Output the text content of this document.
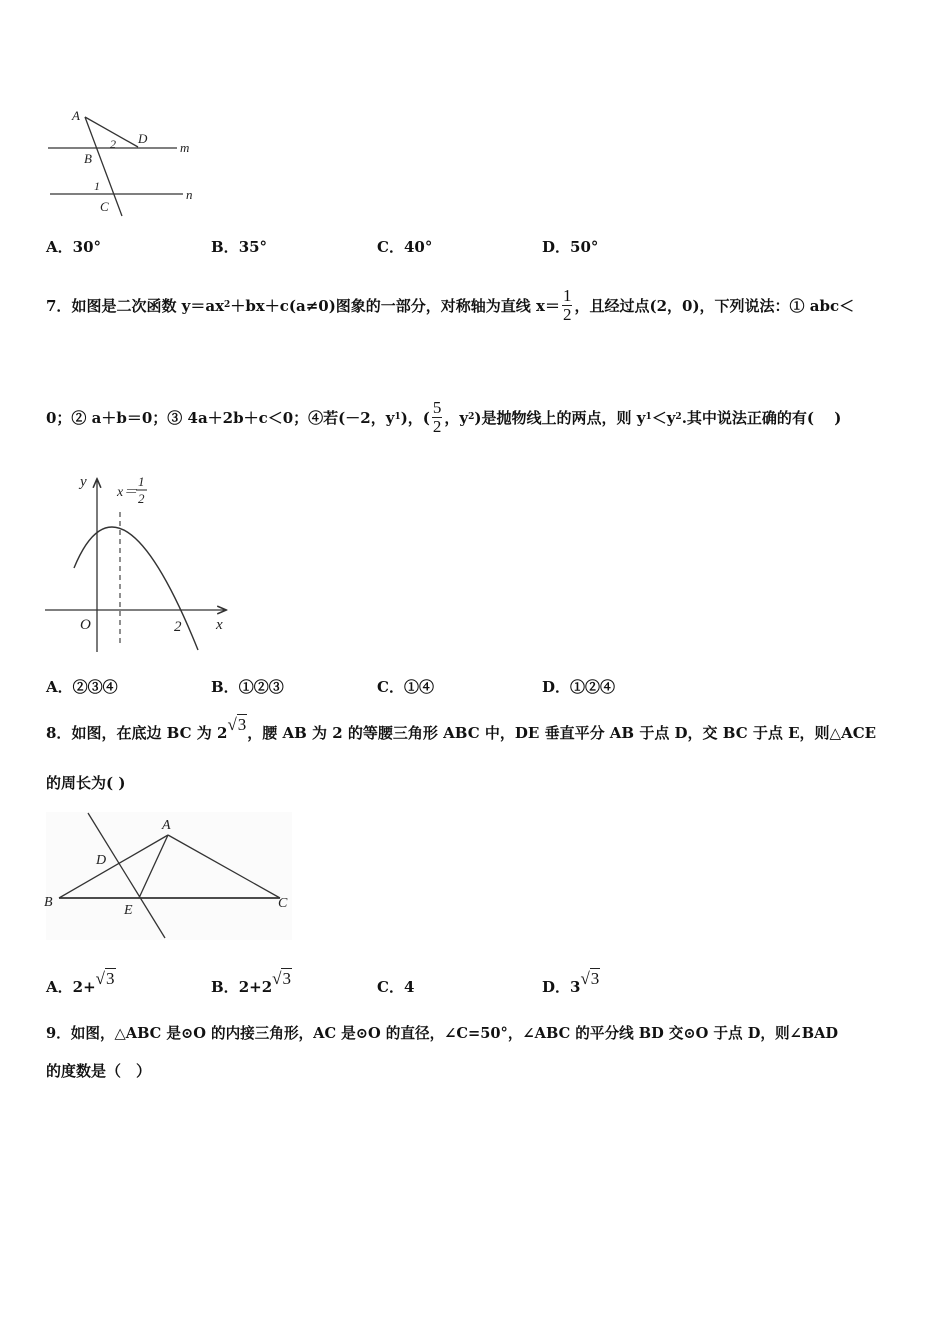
A
D
2	m
B
1
n
C
A．30°	B．35°	C．40°	D．50°
7． 如图是二次函数 y＝ax 2 ＋bx＋c(a≠0)图象的一部分，对称轴为直线 $x= \frac{1}{2}$ ，且经过点(2，0)，下列说法：① abc＜
0；② a＋b＝0；③ 4a＋2b＋c＜0；④若(－2，y 1 )，( $\frac{5}{2}$ ，y 2 )是抛物线上的两点，则 y 1 ＜y 2 .其中说法正确的有(　 )
y
x＝
1
2
O	2 x
A．②③④	B．①②③	C．①④	D．①②④
8．如图，在底边 BC 为 2√3，腰 AB 为 2 的等腰三角形 ABC 中，DE 垂直平分 AB 于点 D，交 BC 于点 E，则△ACE
的周长为( )
A
D
B
E	C
A．2+√3	B．2+2√3	C．4	D．3√3
9．如图，△ABC 是⊙O 的内接三角形，AC 是⊙O 的直径，∠C=50°，∠ABC 的平分线 BD 交⊙O 于点 D，则∠BAD
的度数是（　）
